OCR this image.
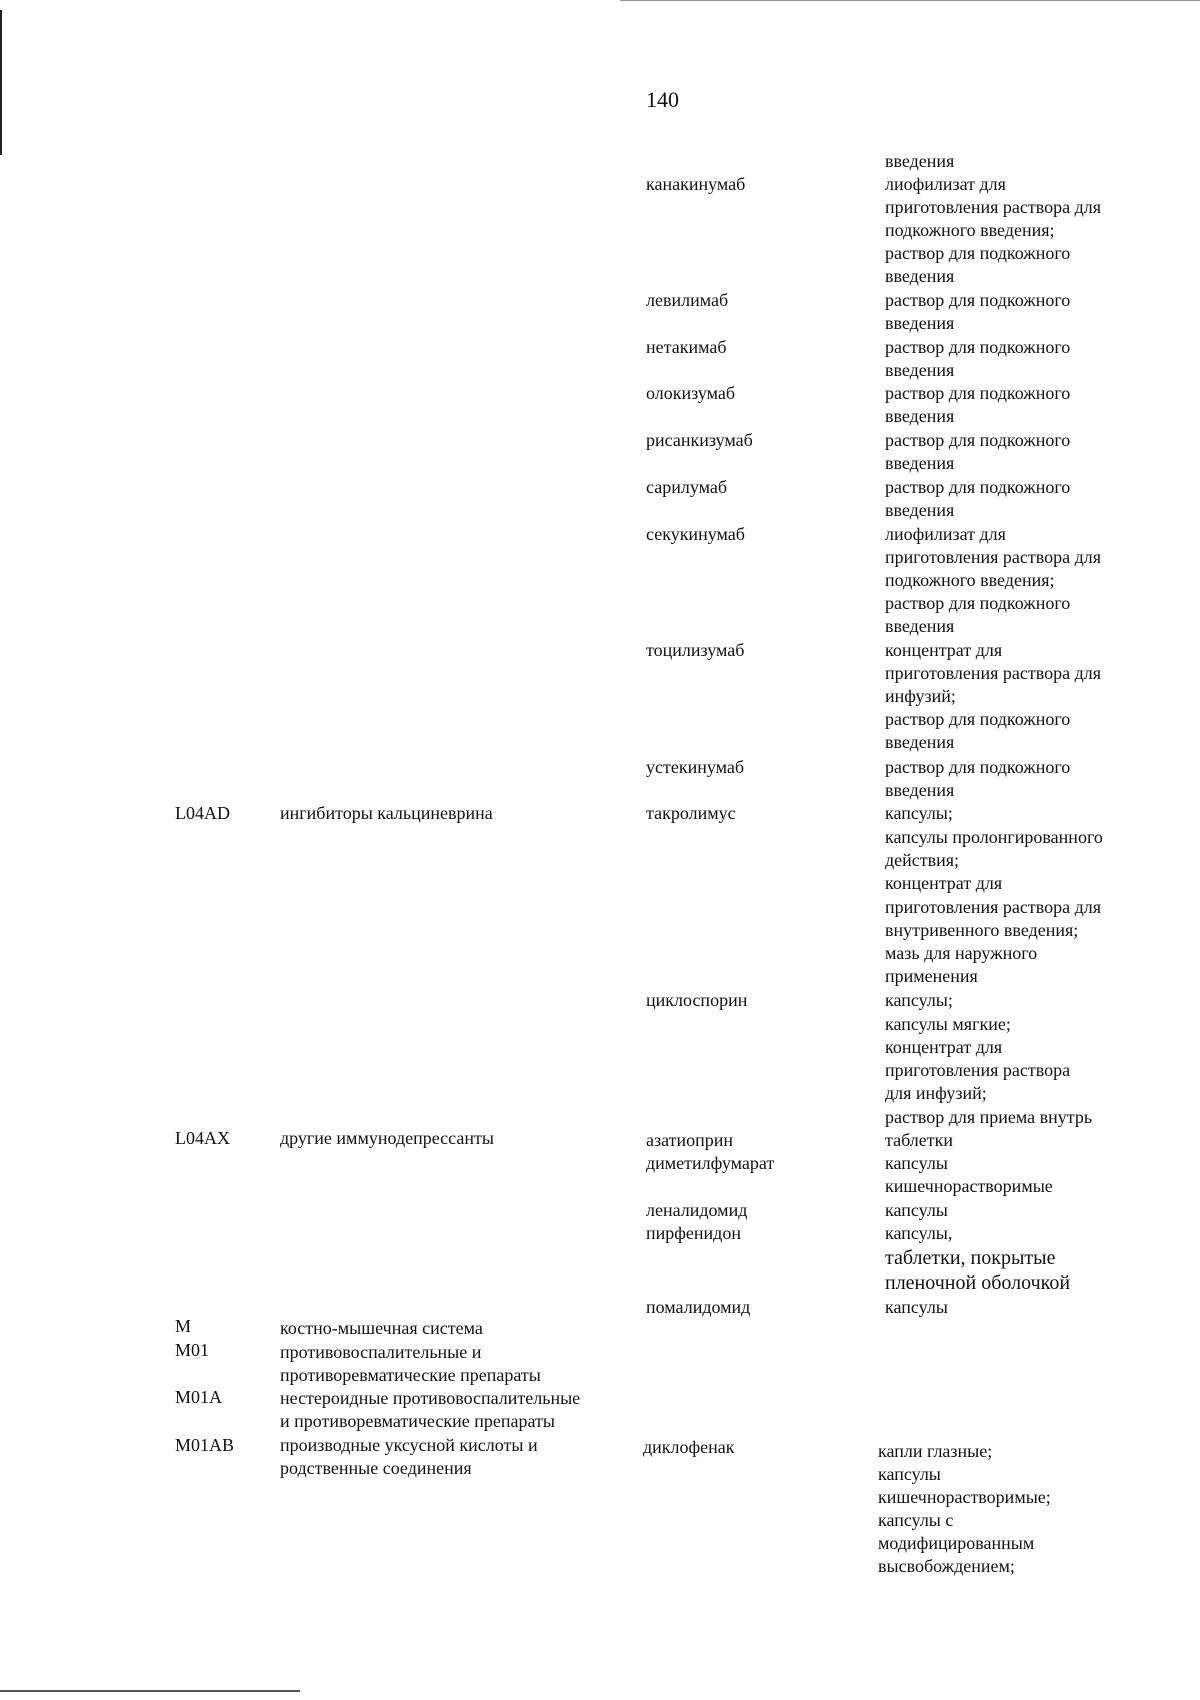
140
введения
канакинумаб	лиофилизат для
приготовления раствора для
подкожного введения;
раствор для подкожного
введения
левилимаб	раствор для подкожного
введения
нетакимаб	раствор для подкожного
введения
олокизумаб	раствор для подкожного
введения
рисанкизумаб	раствор для подкожного
введения
сарилумаб	раствор для подкожного
введения
секукинумаб	лиофилизат для
приготовления раствора для
подкожного введения;
раствор для подкожного
введения
тоцилизумаб	концентрат для
приготовления раствора для
инфузий;
раствор для подкожного
введения
устекинумаб	раствор для подкожного
введения
L04AD	ингибиторы кальциневрина	такролимус	капсулы;
капсулы пролонгированного
действия;
концентрат для
приготовления раствора для
внутривенного введения;
мазь для наружного
применения
циклоспорин	капсулы;
капсулы мягкие;
концентрат для
приготовления раствора
для инфузий;
раствор для приема внутрь
L04AX	другие иммунодепрессанты	азатиоприн	таблетки
диметилфумарат	капсулы
кишечнорастворимые
леналидомид	капсулы
пирфенидон	капсулы,
таблетки, покрытые
пленочной оболочкой
помалидомид	капсулы
M	костно-мышечная система
M01	противовоспалительные и
противоревматические препараты
M01A	нестероидные противовоспалительные
и противоревматические препараты
M01AB	производные уксусной кислоты и
родственные соединения
диклофенак	капли глазные;
капсулы
кишечнорастворимые;
капсулы с
модифицированным
высвобождением;
